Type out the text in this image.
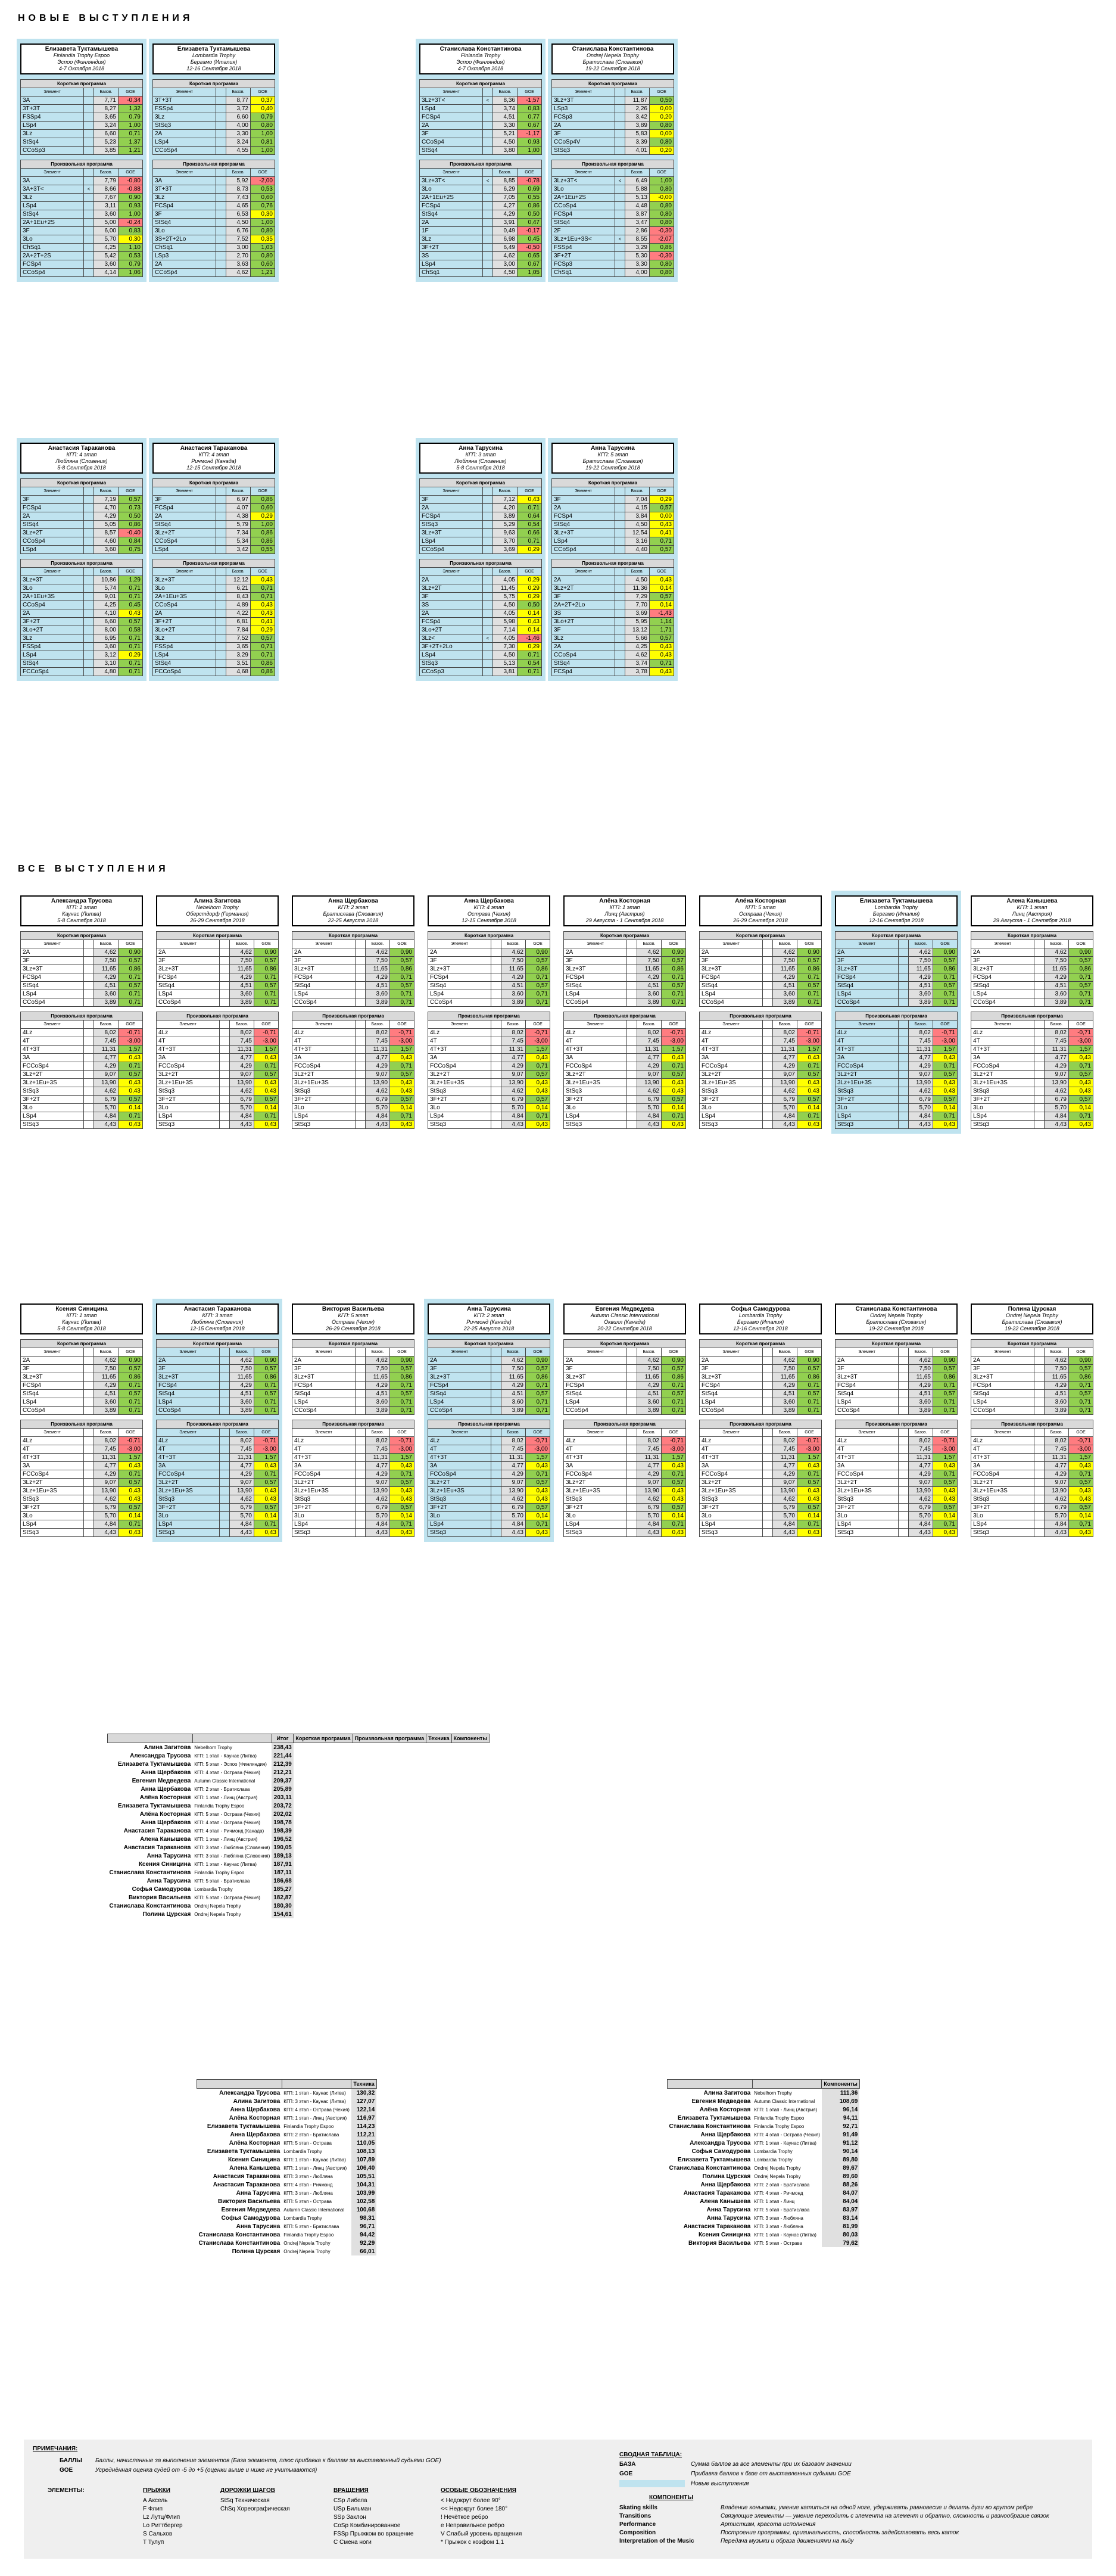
НОВЫЕ ВЫСТУПЛЕНИЯ
Елизавета Туктамышева
Finlandia Trophy Espoo
Эспоо (Финляндия)
4-7 Октября 2018
Короткая программа			
Элемент		Базов.	GOE
3A		7,71	-0,34
3T+3T		8,27	1,32
FSSp4		3,65	0,79
LSp4		3,24	1,00
3Lz		6,60	0,71
StSq4		5,23	1,37
CCoSp3		3,85	1,21
Произвольная программа			
Элемент		Базов.	GOE
3A		7,79	-0,80
3A+3T<	<	8,66	-0,88
3Lz		7,67	0,90
LSp4		3,11	0,93
StSq4		3,60	1,00
2A+1Eu+2S		5,00	-0,24
3F		6,00	0,83
3Lo		5,70	0,30
ChSq1		4,25	1,10
2A+2T+2S		5,42	0,53
FCSp4		3,60	0,79
CCoSp4		4,14	1,06
Елизавета Туктамышева
Lombardia Trophy
Бергамо (Италия)
12-16 Сентября 2018
Короткая программа			
Элемент		Базов.	GOE
3T+3T		8,77	0,37
FSSp4		3,72	0,40
3Lz		6,60	0,79
StSq3		4,00	0,80
2A		3,30	1,00
LSp4		3,24	0,81
CCoSp4		4,55	1,00
Произвольная программа			
Элемент		Базов.	GOE
3A		5,92	-2,00
3T+3T		8,73	0,53
3Lz		7,43	0,60
FCSp4		4,65	0,76
3F		6,53	0,30
StSq4		4,50	1,00
3Lo		6,76	0,80
3S+2T+2Lo		7,52	0,35
ChSq1		3,00	1,03
LSp3		2,70	0,80
2A		3,63	0,60
CCoSp4		4,62	1,21
Станислава Константинова
Finlandia Trophy
Эспоо (Финляндия)
4-7 Октября 2018
Короткая программа			
Элемент		Базов.	GOE
3Lz+3T<	<	8,36	-1,57
LSp4		3,74	0,83
FCSp4		4,51	0,77
2A		3,30	0,67
3F		5,21	-1,17
CCoSp4		4,50	0,93
StSq4		3,80	1,00
Произвольная программа			
Элемент		Базов.	GOE
3Lz+3T<	<	8,85	-0,78
3Lo		6,29	0,69
2A+1Eu+2S		7,05	0,55
FCSp4		4,27	0,86
StSq4		4,29	0,50
2A		3,91	0,47
1F		0,49	-0,17
3Lz		6,98	0,45
3F+2T		6,49	-0,50
3S		4,62	0,65
LSp4		3,00	0,67
ChSq1		4,50	1,05
Станислава Константинова
Ondrej Nepela Trophy
Братислава (Словакия)
19-22 Сентября 2018
Короткая программа			
Элемент		Базов.	GOE
3Lz+3T		11,87	0,50
LSp3		2,26	0,00
FCSp3		3,42	0,20
2A		3,89	0,80
3F		5,83	0,00
CCoSp4V		3,39	0,80
StSq3		4,01	0,20
Произвольная программа			
Элемент		Базов.	GOE
3Lz+3T<	<	6,49	1,00
3Lo		5,88	0,80
2A+1Eu+2S		5,13	-0,00
CCoSp4		4,48	0,80
FCSp4		3,87	0,80
StSq4		3,47	0,80
2F		2,86	-0,30
3Lz+1Eu+3S<	<	8,55	-2,07
FSSp4		3,29	0,86
3F+2T		5,30	-0,30
FCSp3		3,30	0,80
ChSq1		4,00	0,80
Анастасия Тараканова
КГП: 4 этап
Любляна (Словения)
5-8 Сентября 2018
Короткая программа			
Элемент		Базов.	GOE
3F		7,19	0,57
FCSp4		4,70	0,73
2A		4,29	0,50
StSq4		5,05	0,86
3Lz+2T		8,57	-0,40
CCoSp4		4,60	0,84
LSp4		3,60	0,75
Произвольная программа			
Элемент		Базов.	GOE
3Lz+3T		10,86	1,29
3Lo		5,74	0,71
2A+1Eu+3S		9,01	0,71
CCoSp4		4,25	0,45
2A		4,10	0,43
3F+2T		6,60	0,57
3Lo+2T		8,00	0,58
3Lz		6,95	0,71
FSSp4		3,60	0,71
LSp4		3,12	0,29
StSq4		3,10	0,71
FCCoSp4		4,80	0,71
Анастасия Тараканова
КГП: 4 этап
Ричмонд (Канада)
12-15 Сентября 2018
Короткая программа			
Элемент		Базов.	GOE
3F		6,97	0,86
FCSp4		4,07	0,60
2A		4,38	0,29
StSq4		5,79	1,00
3Lz+2T		7,34	0,86
CCoSp4		5,34	0,86
LSp4		3,42	0,55
Произвольная программа			
Элемент		Базов.	GOE
3Lz+3T		12,12	0,43
3Lo		6,21	0,71
2A+1Eu+3S		8,43	0,71
CCoSp4		4,89	0,43
2A		4,22	0,43
3F+2T		6,81	0,41
3Lo+2T		7,84	0,29
3Lz		7,52	0,57
FSSp4		3,65	0,71
LSp4		3,29	0,71
StSq4		3,51	0,86
FCCoSp4		4,68	0,86
Анна Тарусина
КГП: 3 этап
Любляна (Словения)
5-8 Сентября 2018
Короткая программа			
Элемент		Базов.	GOE
3F		7,12	0,43
2A		4,20	0,71
FCSp4		3,89	0,64
StSq3		5,29	0,54
3Lz+3T		9,63	0,66
LSp4		3,70	0,71
CCoSp4		3,69	0,29
Произвольная программа			
Элемент		Базов.	GOE
2A		4,05	0,29
3Lz+2T		11,45	0,29
3F		5,75	0,29
3S		4,50	0,50
2A		4,05	0,14
FCSp4		5,98	0,43
3Lo+2T		7,14	0,14
3Lz<	<	4,05	-1,46
3F+2T+2Lo		7,30	0,29
LSp4		4,50	0,71
StSq3		5,13	0,54
CCoSp3		3,81	0,71
Анна Тарусина
КГП: 5 этап
Братислава (Словакия)
19-22 Сентября 2018
Короткая программа			
Элемент		Базов.	GOE
3F		7,04	0,29
2A		4,15	0,57
FCSp4		3,84	0,00
StSq4		4,50	0,43
3Lz+3T		12,54	0,41
LSp4		3,16	0,71
CCoSp4		4,40	0,57
Произвольная программа			
Элемент		Базов.	GOE
2A		4,50	0,43
3Lz+2T		11,36	0,14
3F		7,29	0,57
2A+2T+2Lo		7,70	0,14
3S		3,69	-1,43
3Lo+2T		5,95	1,14
3F		13,12	1,71
3Lz		5,66	0,57
2A		4,25	0,43
CCoSp4		4,62	0,43
StSq4		3,74	0,71
FCSp4		3,78	0,43
ВСЕ ВЫСТУПЛЕНИЯ
Александра Трусова
КГП: 1 этап
Каунас (Литва)
5-8 Сентября 2018
Короткая программа			
Элемент		Базов.	GOE
2A		4,62	0,90
3F		7,50	0,57
3Lz+3T		11,65	0,86
FCSp4		4,29	0,71
StSq4		4,51	0,57
LSp4		3,60	0,71
CCoSp4		3,89	0,71
Произвольная программа			
Элемент		Базов.	GOE
4Lz		8,02	-0,71
4T		7,45	-3,00
4T+3T		11,31	1,57
3A		4,77	0,43
FCCoSp4		4,29	0,71
3Lz+2T		9,07	0,57
3Lz+1Eu+3S		13,90	0,43
StSq3		4,62	0,43
3F+2T		6,79	0,57
3Lo		5,70	0,14
LSp4		4,84	0,71
StSq3		4,43	0,43
Алина Загитова
Nebelhorn Trophy
Оберстдорф (Германия)
26-29 Сентября 2018
Короткая программа			
Элемент		Базов.	GOE
2A		4,62	0,90
3F		7,50	0,57
3Lz+3T		11,65	0,86
FCSp4		4,29	0,71
StSq4		4,51	0,57
LSp4		3,60	0,71
CCoSp4		3,89	0,71
Произвольная программа			
Элемент		Базов.	GOE
4Lz		8,02	-0,71
4T		7,45	-3,00
4T+3T		11,31	1,57
3A		4,77	0,43
FCCoSp4		4,29	0,71
3Lz+2T		9,07	0,57
3Lz+1Eu+3S		13,90	0,43
StSq3		4,62	0,43
3F+2T		6,79	0,57
3Lo		5,70	0,14
LSp4		4,84	0,71
StSq3		4,43	0,43
Анна Щербакова
КГП: 2 этап
Братислава (Словакия)
22-25 Августа 2018
Короткая программа			
Элемент		Базов.	GOE
2A		4,62	0,90
3F		7,50	0,57
3Lz+3T		11,65	0,86
FCSp4		4,29	0,71
StSq4		4,51	0,57
LSp4		3,60	0,71
CCoSp4		3,89	0,71
Произвольная программа			
Элемент		Базов.	GOE
4Lz		8,02	-0,71
4T		7,45	-3,00
4T+3T		11,31	1,57
3A		4,77	0,43
FCCoSp4		4,29	0,71
3Lz+2T		9,07	0,57
3Lz+1Eu+3S		13,90	0,43
StSq3		4,62	0,43
3F+2T		6,79	0,57
3Lo		5,70	0,14
LSp4		4,84	0,71
StSq3		4,43	0,43
Анна Щербакова
КГП: 4 этап
Острава (Чехия)
12-15 Сентября 2018
Короткая программа			
Элемент		Базов.	GOE
2A		4,62	0,90
3F		7,50	0,57
3Lz+3T		11,65	0,86
FCSp4		4,29	0,71
StSq4		4,51	0,57
LSp4		3,60	0,71
CCoSp4		3,89	0,71
Произвольная программа			
Элемент		Базов.	GOE
4Lz		8,02	-0,71
4T		7,45	-3,00
4T+3T		11,31	1,57
3A		4,77	0,43
FCCoSp4		4,29	0,71
3Lz+2T		9,07	0,57
3Lz+1Eu+3S		13,90	0,43
StSq3		4,62	0,43
3F+2T		6,79	0,57
3Lo		5,70	0,14
LSp4		4,84	0,71
StSq3		4,43	0,43
Алёна Косторная
КГП: 1 этап
Линц (Австрия)
29 Августа - 1 Сентября 2018
Короткая программа			
Элемент		Базов.	GOE
2A		4,62	0,90
3F		7,50	0,57
3Lz+3T		11,65	0,86
FCSp4		4,29	0,71
StSq4		4,51	0,57
LSp4		3,60	0,71
CCoSp4		3,89	0,71
Произвольная программа			
Элемент		Базов.	GOE
4Lz		8,02	-0,71
4T		7,45	-3,00
4T+3T		11,31	1,57
3A		4,77	0,43
FCCoSp4		4,29	0,71
3Lz+2T		9,07	0,57
3Lz+1Eu+3S		13,90	0,43
StSq3		4,62	0,43
3F+2T		6,79	0,57
3Lo		5,70	0,14
LSp4		4,84	0,71
StSq3		4,43	0,43
Алёна Косторная
КГП: 5 этап
Острава (Чехия)
26-29 Сентября 2018
Короткая программа			
Элемент		Базов.	GOE
2A		4,62	0,90
3F		7,50	0,57
3Lz+3T		11,65	0,86
FCSp4		4,29	0,71
StSq4		4,51	0,57
LSp4		3,60	0,71
CCoSp4		3,89	0,71
Произвольная программа			
Элемент		Базов.	GOE
4Lz		8,02	-0,71
4T		7,45	-3,00
4T+3T		11,31	1,57
3A		4,77	0,43
FCCoSp4		4,29	0,71
3Lz+2T		9,07	0,57
3Lz+1Eu+3S		13,90	0,43
StSq3		4,62	0,43
3F+2T		6,79	0,57
3Lo		5,70	0,14
LSp4		4,84	0,71
StSq3		4,43	0,43
Елизавета Туктамышева
Lombardia Trophy
Бергамо (Италия)
12-16 Сентября 2018
Короткая программа			
Элемент		Базов.	GOE
2A		4,62	0,90
3F		7,50	0,57
3Lz+3T		11,65	0,86
FCSp4		4,29	0,71
StSq4		4,51	0,57
LSp4		3,60	0,71
CCoSp4		3,89	0,71
Произвольная программа			
Элемент		Базов.	GOE
4Lz		8,02	-0,71
4T		7,45	-3,00
4T+3T		11,31	1,57
3A		4,77	0,43
FCCoSp4		4,29	0,71
3Lz+2T		9,07	0,57
3Lz+1Eu+3S		13,90	0,43
StSq3		4,62	0,43
3F+2T		6,79	0,57
3Lo		5,70	0,14
LSp4		4,84	0,71
StSq3		4,43	0,43
Алена Канышева
КГП: 1 этап
Линц (Австрия)
29 Августа - 1 Сентября 2018
Короткая программа			
Элемент		Базов.	GOE
2A		4,62	0,90
3F		7,50	0,57
3Lz+3T		11,65	0,86
FCSp4		4,29	0,71
StSq4		4,51	0,57
LSp4		3,60	0,71
CCoSp4		3,89	0,71
Произвольная программа			
Элемент		Базов.	GOE
4Lz		8,02	-0,71
4T		7,45	-3,00
4T+3T		11,31	1,57
3A		4,77	0,43
FCCoSp4		4,29	0,71
3Lz+2T		9,07	0,57
3Lz+1Eu+3S		13,90	0,43
StSq3		4,62	0,43
3F+2T		6,79	0,57
3Lo		5,70	0,14
LSp4		4,84	0,71
StSq3		4,43	0,43
Ксения Синицина
КГП: 1 этап
Каунас (Литва)
5-8 Сентября 2018
Короткая программа			
Элемент		Базов.	GOE
2A		4,62	0,90
3F		7,50	0,57
3Lz+3T		11,65	0,86
FCSp4		4,29	0,71
StSq4		4,51	0,57
LSp4		3,60	0,71
CCoSp4		3,89	0,71
Произвольная программа			
Элемент		Базов.	GOE
4Lz		8,02	-0,71
4T		7,45	-3,00
4T+3T		11,31	1,57
3A		4,77	0,43
FCCoSp4		4,29	0,71
3Lz+2T		9,07	0,57
3Lz+1Eu+3S		13,90	0,43
StSq3		4,62	0,43
3F+2T		6,79	0,57
3Lo		5,70	0,14
LSp4		4,84	0,71
StSq3		4,43	0,43
Анастасия Тараканова
КГП: 3 этап
Любляна (Словения)
12-15 Сентября 2018
Короткая программа			
Элемент		Базов.	GOE
2A		4,62	0,90
3F		7,50	0,57
3Lz+3T		11,65	0,86
FCSp4		4,29	0,71
StSq4		4,51	0,57
LSp4		3,60	0,71
CCoSp4		3,89	0,71
Произвольная программа			
Элемент		Базов.	GOE
4Lz		8,02	-0,71
4T		7,45	-3,00
4T+3T		11,31	1,57
3A		4,77	0,43
FCCoSp4		4,29	0,71
3Lz+2T		9,07	0,57
3Lz+1Eu+3S		13,90	0,43
StSq3		4,62	0,43
3F+2T		6,79	0,57
3Lo		5,70	0,14
LSp4		4,84	0,71
StSq3		4,43	0,43
Виктория Васильева
КГП: 5 этап
Острава (Чехия)
26-29 Сентября 2018
Короткая программа			
Элемент		Базов.	GOE
2A		4,62	0,90
3F		7,50	0,57
3Lz+3T		11,65	0,86
FCSp4		4,29	0,71
StSq4		4,51	0,57
LSp4		3,60	0,71
CCoSp4		3,89	0,71
Произвольная программа			
Элемент		Базов.	GOE
4Lz		8,02	-0,71
4T		7,45	-3,00
4T+3T		11,31	1,57
3A		4,77	0,43
FCCoSp4		4,29	0,71
3Lz+2T		9,07	0,57
3Lz+1Eu+3S		13,90	0,43
StSq3		4,62	0,43
3F+2T		6,79	0,57
3Lo		5,70	0,14
LSp4		4,84	0,71
StSq3		4,43	0,43
Анна Тарусина
КГП: 2 этап
Ричмонд (Канада)
22-25 Августа 2018
Короткая программа			
Элемент		Базов.	GOE
2A		4,62	0,90
3F		7,50	0,57
3Lz+3T		11,65	0,86
FCSp4		4,29	0,71
StSq4		4,51	0,57
LSp4		3,60	0,71
CCoSp4		3,89	0,71
Произвольная программа			
Элемент		Базов.	GOE
4Lz		8,02	-0,71
4T		7,45	-3,00
4T+3T		11,31	1,57
3A		4,77	0,43
FCCoSp4		4,29	0,71
3Lz+2T		9,07	0,57
3Lz+1Eu+3S		13,90	0,43
StSq3		4,62	0,43
3F+2T		6,79	0,57
3Lo		5,70	0,14
LSp4		4,84	0,71
StSq3		4,43	0,43
Евгения Медведева
Autumn Classic International
Оквилл (Канада)
20-22 Сентября 2018
Короткая программа			
Элемент		Базов.	GOE
2A		4,62	0,90
3F		7,50	0,57
3Lz+3T		11,65	0,86
FCSp4		4,29	0,71
StSq4		4,51	0,57
LSp4		3,60	0,71
CCoSp4		3,89	0,71
Произвольная программа			
Элемент		Базов.	GOE
4Lz		8,02	-0,71
4T		7,45	-3,00
4T+3T		11,31	1,57
3A		4,77	0,43
FCCoSp4		4,29	0,71
3Lz+2T		9,07	0,57
3Lz+1Eu+3S		13,90	0,43
StSq3		4,62	0,43
3F+2T		6,79	0,57
3Lo		5,70	0,14
LSp4		4,84	0,71
StSq3		4,43	0,43
Софья Самодурова
Lombardia Trophy
Бергамо (Италия)
12-16 Сентября 2018
Короткая программа			
Элемент		Базов.	GOE
2A		4,62	0,90
3F		7,50	0,57
3Lz+3T		11,65	0,86
FCSp4		4,29	0,71
StSq4		4,51	0,57
LSp4		3,60	0,71
CCoSp4		3,89	0,71
Произвольная программа			
Элемент		Базов.	GOE
4Lz		8,02	-0,71
4T		7,45	-3,00
4T+3T		11,31	1,57
3A		4,77	0,43
FCCoSp4		4,29	0,71
3Lz+2T		9,07	0,57
3Lz+1Eu+3S		13,90	0,43
StSq3		4,62	0,43
3F+2T		6,79	0,57
3Lo		5,70	0,14
LSp4		4,84	0,71
StSq3		4,43	0,43
Станислава Константинова
Ondrej Nepela Trophy
Братислава (Словакия)
19-22 Сентября 2018
Короткая программа			
Элемент		Базов.	GOE
2A		4,62	0,90
3F		7,50	0,57
3Lz+3T		11,65	0,86
FCSp4		4,29	0,71
StSq4		4,51	0,57
LSp4		3,60	0,71
CCoSp4		3,89	0,71
Произвольная программа			
Элемент		Базов.	GOE
4Lz		8,02	-0,71
4T		7,45	-3,00
4T+3T		11,31	1,57
3A		4,77	0,43
FCCoSp4		4,29	0,71
3Lz+2T		9,07	0,57
3Lz+1Eu+3S		13,90	0,43
StSq3		4,62	0,43
3F+2T		6,79	0,57
3Lo		5,70	0,14
LSp4		4,84	0,71
StSq3		4,43	0,43
Полина Цурская
Ondrej Nepela Trophy
Братислава (Словакия)
19-22 Сентября 2018
Короткая программа			
Элемент		Базов.	GOE
2A		4,62	0,90
3F		7,50	0,57
3Lz+3T		11,65	0,86
FCSp4		4,29	0,71
StSq4		4,51	0,57
LSp4		3,60	0,71
CCoSp4		3,89	0,71
Произвольная программа			
Элемент		Базов.	GOE
4Lz		8,02	-0,71
4T		7,45	-3,00
4T+3T		11,31	1,57
3A		4,77	0,43
FCCoSp4		4,29	0,71
3Lz+2T		9,07	0,57
3Lz+1Eu+3S		13,90	0,43
StSq3		4,62	0,43
3F+2T		6,79	0,57
3Lo		5,70	0,14
LSp4		4,84	0,71
StSq3		4,43	0,43
		Итог	Короткая программа	Произвольная программа	Техника	Компоненты
Алина Загитова	Nebelhorn Trophy	238,43				
Александра Трусова	КГП: 1 этап - Каунас (Литва)	221,44				
Елизавета Туктамышева	КГП: 5 этап - Эспоо (Финляндия)	212,39				
Анна Щербакова	КГП: 4 этап - Острава (Чехия)	212,21				
Евгения Медведева	Autumn Classic International	209,37				
Анна Щербакова	КГП: 2 этап - Братислава	205,89				
Алёна Косторная	КГП: 1 этап - Линц (Австрия)	203,11				
Елизавета Туктамышева	Finlandia Trophy Espoo	203,72				
Алёна Косторная	КГП: 5 этап - Острава (Чехия)	202,02				
Анна Щербакова	КГП: 4 этап - Острава (Чехия)	198,78				
Анастасия Тараканова	КГП: 4 этап - Ричмонд (Канада)	198,39				
Алена Канышева	КГП: 1 этап - Линц (Австрия)	196,52				
Анастасия Тараканова	КГП: 3 этап - Любляна (Словения)	190,05				
Анна Тарусина	КГП: 3 этап - Любляна (Словения)	189,13				
Ксения Синицина	КГП: 1 этап - Каунас (Литва)	187,91				
Станислава Константинова	Finlandia Trophy Espoo	187,11				
Анна Тарусина	КГП: 5 этап - Братислава	186,68				
Софья Самодурова	Lombardia Trophy	185,27				
Виктория Васильева	КГП: 5 этап - Острава (Чехия)	182,87				
Станислава Константинова	Ondrej Nepela Trophy	180,30				
Полина Цурская	Ondrej Nepela Trophy	154,61				
		Техника
Александра Трусова	КГП: 1 этап - Каунас (Литва)	130,32
Алина Загитова	КГП: 3 этап - Каунас (Литва)	127,07
Анна Щербакова	КГП: 4 этап - Острава (Чехия)	122,14
Алёна Косторная	КГП: 1 этап - Линц (Австрия)	116,97
Елизавета Туктамышева	Finlandia Trophy Espoo	114,23
Анна Щербакова	КГП: 2 этап - Братислава	112,21
Алёна Косторная	КГП: 5 этап - Острава	110,05
Елизавета Туктамышева	Lombardia Trophy	108,13
Ксения Синицина	КГП: 1 этап - Каунас (Литва)	107,89
Алена Канышева	КГП: 1 этап - Линц (Австрия)	106,40
Анастасия Тараканова	КГП: 3 этап - Любляна	105,51
Анастасия Тараканова	КГП: 4 этап - Ричмонд	104,31
Анна Тарусина	КГП: 3 этап - Любляна	103,99
Виктория Васильева	КГП: 5 этап - Острава	102,58
Евгения Медведева	Autumn Classic International	100,68
Софья Самодурова	Lombardia Trophy	98,31
Анна Тарусина	КГП: 5 этап - Братислава	96,71
Станислава Константинова	Finlandia Trophy Espoo	94,42
Станислава Константинова	Ondrej Nepela Trophy	92,29
Полина Цурская	Ondrej Nepela Trophy	66,01
		Компоненты
Алина Загитова	Nebelhorn Trophy	111,36
Евгения Медведева	Autumn Classic International	108,69
Алёна Косторная	КГП: 1 этап - Линц (Австрия)	96,14
Елизавета Туктамышева	Finlandia Trophy Espoo	94,11
Станислава Константинова	Finlandia Trophy Espoo	92,71
Анна Щербакова	КГП: 4 этап - Острава (Чехия)	91,49
Александра Трусова	КГП: 1 этап - Каунас (Литва)	91,12
Софья Самодурова	Lombardia Trophy	90,14
Елизавета Туктамышева	Lombardia Trophy	89,80
Станислава Константинова	Ondrej Nepela Trophy	89,67
Полина Цурская	Ondrej Nepela Trophy	89,60
Анна Щербакова	КГП: 2 этап - Братислава	88,26
Анастасия Тараканова	КГП: 4 этап - Ричмонд	84,07
Алена Канышева	КГП: 1 этап - Линц	84,04
Анна Тарусина	КГП: 5 этап - Братислава	83,97
Анна Тарусина	КГП: 3 этап - Любляна	83,14
Анастасия Тараканова	КГП: 3 этап - Любляна	81,99
Ксения Синицина	КГП: 1 этап - Каунас (Литва)	80,03
Виктория Васильева	КГП: 5 этап - Острава	79,62
ПРИМЕЧАНИЯ:
БАЛЛЫ Баллы, начисленные за выполнение элементов (База элемента, плюс прибавка к баллам за выставленный судьями GOE)
GOE	Усреднённая оценка судей от -5 до +5 (оценки выше и ниже не учитываются)
ЭЛЕМЕНТЫ:	ПРЫЖКИ	ДОРОЖКИ ШАГОВ	ВРАЩЕНИЯ	ОСОБЫЕ ОБОЗНАЧЕНИЯ
A Аксель
F Флип
Lz Лутц/Флип
Lo Риттбергер
S Сальхов
T Тулуп
StSq Техническая
ChSq Хореографическая
CSp Либела
USp Бильман
SSp Заклон
CoSp Комбинированное
FSSp Прыжком во вращение
C Смена ноги
< Недокрут более 90°
<< Недокрут более 180°
! Нечёткое ребро
e Неправильное ребро
V Слабый уровень вращения
* Прыжок с коэфом 1,1
СВОДНАЯ ТАБЛИЦА:
БАЗА	Сумма баллов за все элементы при их базовом значении
GOE	Прибавка баллов к базе от выставленных судьями GOE
Новые выступления
КОМПОНЕНТЫ
Skating skills	Владение коньками, умение катиться на одной ноге, удерживать равновесие и делать дуги во крутом ребре
Transitions	Связующие элементы — умение переходить с элемента на элемент и обратно, сложность и разнообразие связок
Performance	Артистизм, красота исполнения
Composition	Построение программы, оригинальность, способность задействовать весь каток
Interpretation of the Music	Передача музыки и образа движениями на льду
